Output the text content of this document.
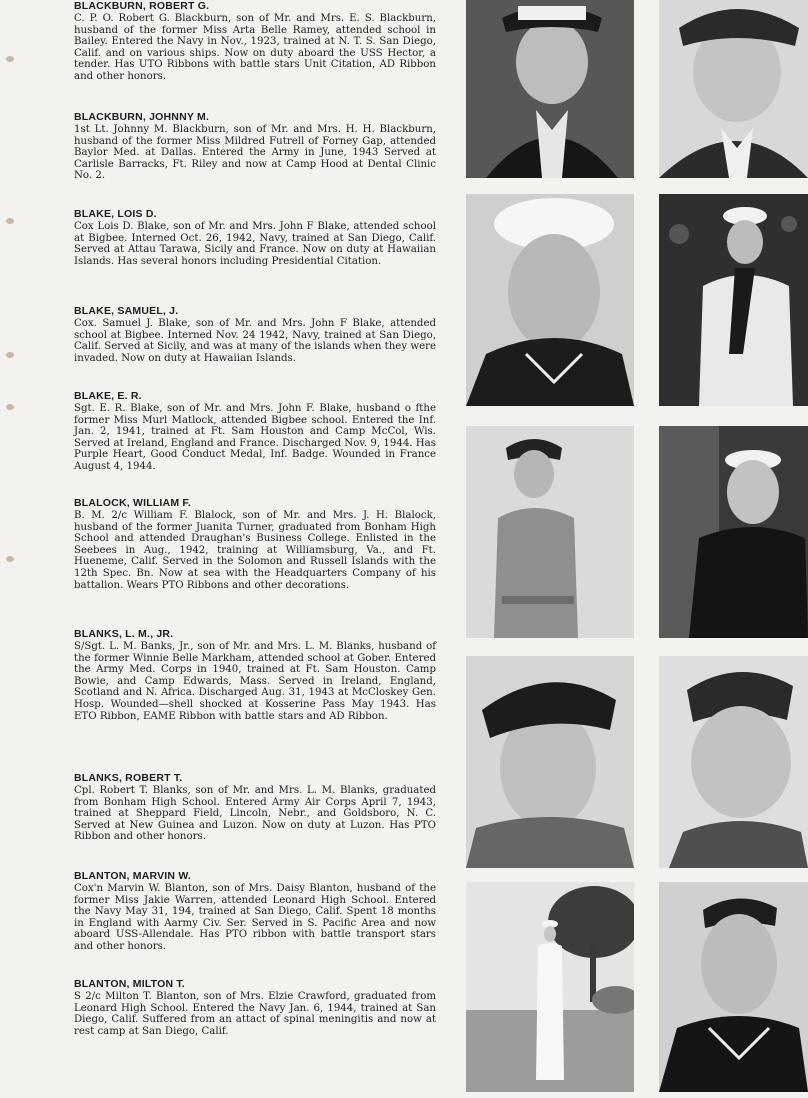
BLACKBURN, ROBERT G.
C. P. O. Robert G. Blackburn, son of Mr. and Mrs. E. S. Blackburn, husband of the former Miss Arta Belle Ramey, attended school in Bailey. Entered the Navy in Nov., 1923, trained at N. T. S. San Diego, Calif. and on various ships. Now on duty aboard the USS Hector, a tender. Has UTO Ribbons with battle stars Unit Citation, AD Ribbon and other honors.
BLACKBURN, JOHNNY M.
1st Lt. Johnny M. Blackburn, son of Mr. and Mrs. H. H. Blackburn, husband of the former Miss Mildred Futrell of Forney Gap, attended Baylor Med. at Dallas. Entered the Army in June, 1943 Served at Carlisle Barracks, Ft. Riley and now at Camp Hood at Dental Clinic No. 2.
BLAKE, LOIS D.
Cox Lois D. Blake, son of Mr. and Mrs. John F Blake, attended school at Bigbee. Interned Oct. 26, 1942, Navy, trained at San Diego, Calif. Served at Attau Tarawa, Sicily and France. Now on duty at Hawaiian Islands. Has several honors including Presidential Citation.
BLAKE, SAMUEL, J.
Cox. Samuel J. Blake, son of Mr. and Mrs. John F Blake, attended school at Bigbee. Interned Nov. 24 1942, Navy, trained at San Diego, Calif. Served at Sicily, and was at many of the islands when they were invaded. Now on duty at Hawaiian Islands.
BLAKE, E. R.
Sgt. E. R. Blake, son of Mr. and Mrs. John F. Blake, husband o fthe former Miss Murl Matlock, attended Bigbee school. Entered the Inf. Jan. 2, 1941, trained at Ft. Sam Houston and Camp McCol, Wis. Served at Ireland, England and France. Discharged Nov. 9, 1944. Has Purple Heart, Good Conduct Medal, Inf. Badge. Wounded in France August 4, 1944.
BLALOCK, WILLIAM F.
B. M. 2/c William F. Blalock, son of Mr. and Mrs. J. H. Blalock, husband of the former Juanita Turner, graduated from Bonham High School and attended Draughan's Business College. Enlisted in the Seebees in Aug., 1942, training at Williamsburg, Va., and Ft. Hueneme, Calif. Served in the Solomon and Russell Islands with the 12th Spec. Bn. Now at sea with the Headquarters Company of his battalion. Wears PTO Ribbons and other decorations.
BLANKS, L. M., JR.
S/Sgt. L. M. Banks, Jr., son of Mr. and Mrs. L. M. Blanks, husband of the former Winnie Belle Markham, attended school at Gober. Entered the Army Med. Corps in 1940, trained at Ft. Sam Houston. Camp Bowie, and Camp Edwards, Mass. Served in Ireland, England, Scotland and N. Africa. Discharged Aug. 31, 1943 at McCloskey Gen. Hosp. Wounded—shell shocked at Kosserine Pass May 1943. Has ETO Ribbon, EAME Ribbon with battle stars and AD Ribbon.
BLANKS, ROBERT T.
Cpl. Robert T. Blanks, son of Mr. and Mrs. L. M. Blanks, graduated from Bonham High School. Entered Army Air Corps April 7, 1943, trained at Sheppard Field, Lincoln, Nebr., and Goldsboro, N. C. Served at New Guinea and Luzon. Now on duty at Luzon. Has PTO Ribbon and other honors.
BLANTON, MARVIN W.
Cox'n Marvin W. Blanton, son of Mrs. Daisy Blanton, husband of the former Miss Jakie Warren, attended Leonard High School. Entered the Navy May 31, 194, trained at San Diego, Calif. Spent 18 months in England with Aarmy Civ. Ser. Served in S. Pacific Area and now aboard USS-Allendale. Has PTO ribbon with battle transport stars and other honors.
BLANTON, MILTON T.
S 2/c Milton T. Blanton, son of Mrs. Elzie Crawford, graduated from Leonard High School. Entered the Navy Jan. 6, 1944, trained at San Diego, Calif. Suffered from an attact of spinal meningitis and now at rest camp at San Diego, Calif.
